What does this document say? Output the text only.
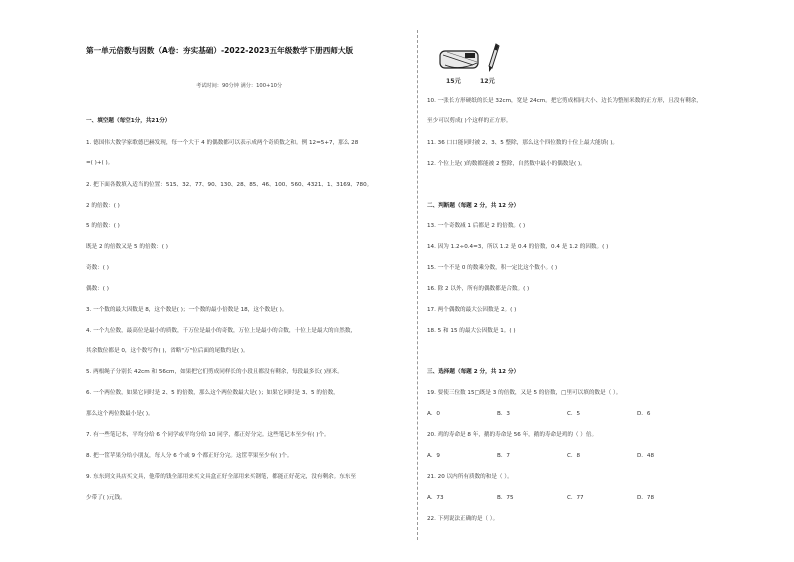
第一单元倍数与因数（A卷：夯实基础）-2022-2023五年级数学下册西师大版
考试时间：90分钟 满分：100+10分
一、填空题（每空1分，共21分）
1. 德国伟大数学家歌德巴赫发现，每一个大于 4 的偶数都可以表示成两个奇质数之和。例 12=5+7，那么 28
=( )+( )。
2. 把下面各数填入适当的位置：515、32、77、90、130、28、85、46、100、560、4321、1、3169、780。
2 的倍数：( )
5 的倍数：( )
既是 2 的倍数又是 5 的倍数：( )
奇数：( )
偶数：( )
3. 一个数的最大因数是 8，这个数是( )；一个数的最小倍数是 18，这个数是( )。
4. 一个九位数，最高位是最小的质数，千万位是最小的奇数，万位上是最小的合数，十位上是最大的自然数，
其余数位都是 0，这个数写作( )，省略"万"位后面的尾数约是( )。
5. 两根绳子分别长 42cm 和 56cm，如果把它们剪成同样长的小段且都没有剩余，每段最多长( )厘米。
6. 一个两位数，如果它同时是 2、5 的倍数，那么这个两位数最大是( )；如果它同时是 3、5 的倍数，
那么这个两位数最小是( )。
7. 有一些笔记本，平均分给 6 个同学或平均分给 10 同学，都正好分完。这些笔记本至少有( )个。
8. 把一筐苹果分给小朋友，每人分 6 个或 9 个都正好分完。这筐苹果至少有( )个。
9. 东东到文具店买文具，他带的钱全部用来买文具盒正好全部用来买钢笔，都能正好花完，没有剩余。东东至
少带了( )元钱。
15元	12元
10. 一张长方形硬纸的长是 32cm，宽是 24cm。把它剪成相同大小、边长为整厘米数的正方形，且没有剩余，
至少可以剪成( )个这样的正方形。
11. 36 口口能同时被 2、3、5 整除，那么这个四位数的十位上最大能填( )。
12. 个位上是( )的数都能被 2 整除，自然数中最小的偶数是( )。
二、判断题（每题 2 分，共 12 分）
13. 一个奇数减 1 后都是 2 的倍数。( )
14. 因为 1.2÷0.4=3，所以 1.2 是 0.4 的倍数，0.4 是 1.2 的因数。( )
15. 一个不是 0 的数乘分数，积一定比这个数小。( )
16. 除 2 以外，所有的偶数都是合数。( )
17. 两个偶数的最大公因数是 2。( )
18. 5 和 15 的最大公因数是 1。( )
三、选择题（每题 2 分，共 12 分）
19. 要使三位数 15□既是 3 的倍数，又是 5 的倍数，□里可以填的数是（ ）。
A．0	B．3	C．5	D．6
20. 鸡的寿命是 8 年，鹅的寿命是 56 年，鹅的寿命是鸡的（ ）倍。
A．9	B．7	C．8	D．48
21. 20 以内所有质数的和是（ ）。
A．73	B．75	C．77	D．78
22. 下列说法正确的是（ ）。
